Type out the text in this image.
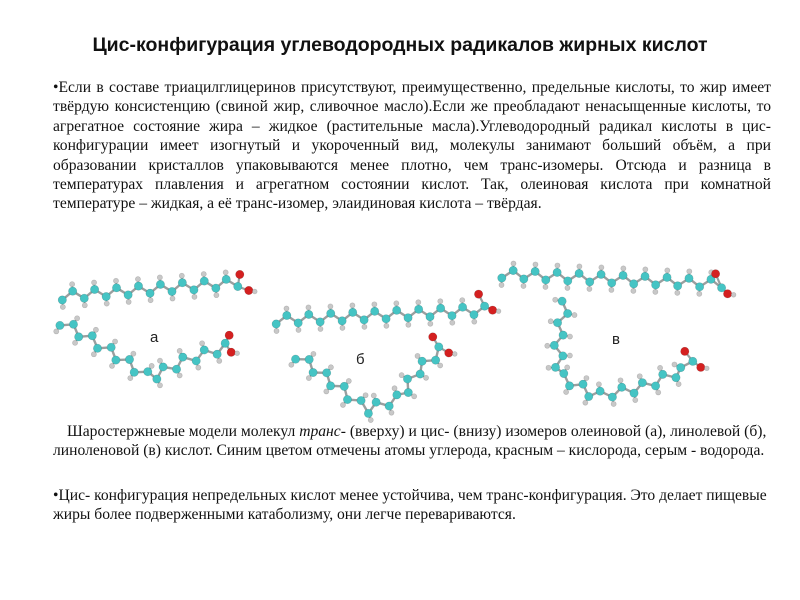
Цис-конфигурация углеводородных радикалов жирных кислот
•Если в составе триацилглицеринов присутствуют, преимущественно, предельные кислоты, то жир имеет твёрдую консистенцию (свиной жир, сливочное масло).Если же преобладают ненасыщенные кислоты, то агрегатное состояние жира – жидкое (растительные масла).Углеводородный радикал кислоты в цис-конфигурации имеет изогнутый и укороченный вид, молекулы занимают больший объём, а при образовании кристаллов упаковываются менее плотно, чем транс-изомеры. Отсюда и разница в температурах плавления и агрегатном состоянии кислот. Так, олеиновая кислота при комнатной температуре – жидкая, а её транс-изомер, элаидиновая кислота – твёрдая.
а
б
в
Шаростержневые модели молекул транс- (вверху) и цис- (внизу) изомеров олеиновой (а), линолевой (б), линоленовой (в) кислот. Синим цветом отмечены атомы углерода, красным – кислорода, серым - водорода.
•Цис- конфигурация непредельных кислот менее устойчива, чем транс-конфигурация. Это делает пищевые жиры более подверженными катаболизму, они легче перевариваются.
